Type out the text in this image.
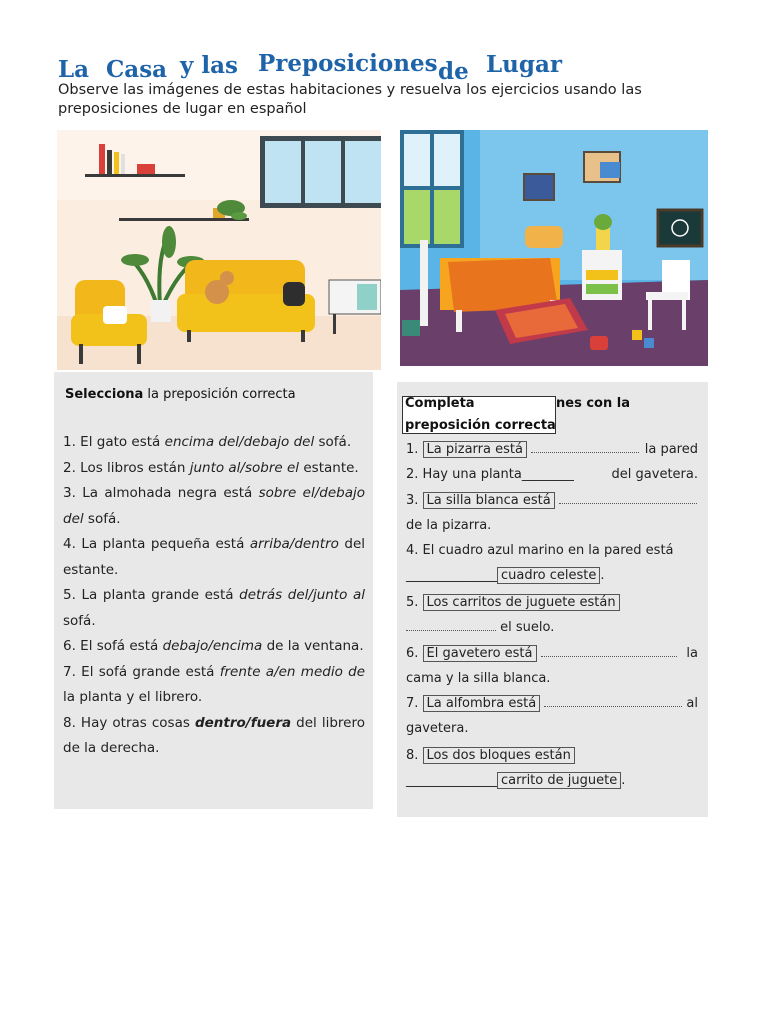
La Casa y las Preposiciones de Lugar
Observe las imágenes de estas habitaciones y resuelva los ejercicios usando las preposiciones de lugar en español
Selecciona la preposición correcta

1. El gato está encima del/debajo del sofá.

2. Los libros están junto al/sobre el estante.

3. La almohada negra está sobre el/debajo del sofá.

4. La planta pequeña está arriba/dentro del estante.

5. La planta grande está detrás del/junto al sofá.

6. El sofá está debajo/encima de la ventana.

7. El sofá grande está frente a/en medio de la planta y el librero.

8. Hay otras cosas dentro/fuera del librero de la derecha.

Completa	nes con la
preposición correcta
1. La pizarra está	la pared
2. Hay una planta________	del gavetera.
3. La silla blanca está
de la pizarra.
4. El cuadro azul marino en la pared está
______________ cuadro celeste .
5. Los carritos de juguete están
el suelo.
6. El gavetero está	la

cama y la silla blanca.
7. La alfombra está	al

gavetera.
8. Los dos bloques están
______________ carrito de juguete .
